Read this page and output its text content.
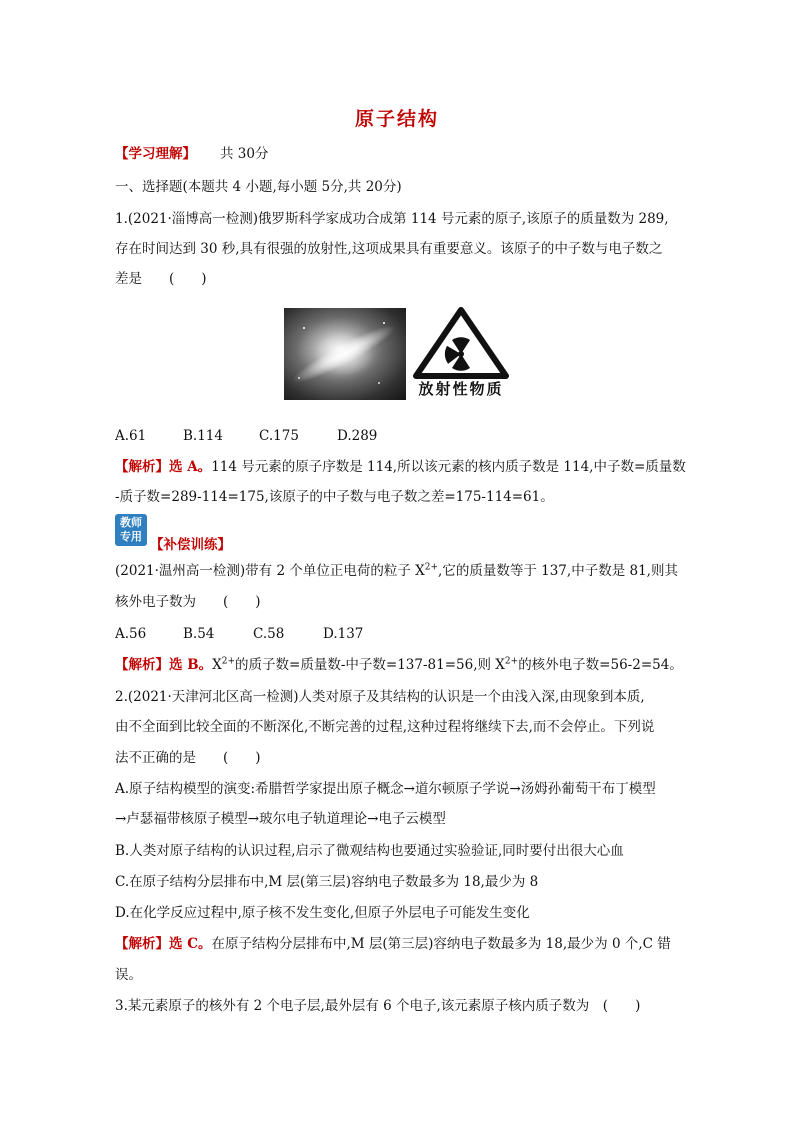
原子结构
【学习理解】 共 30分
一、选择题(本题共 4 小题,每小题 5分,共 20分)
1.(2021·淄博高一检测)俄罗斯科学家成功合成第 114 号元素的原子,该原子的质量数为 289,
存在时间达到 30 秒,具有很强的放射性,这项成果具有重要意义。该原子的中子数与电子数之
差是　　(　　)
放射性物质
A.61	B.114	C.175	D.289
【解析】选 A。114 号元素的原子序数是 114,所以该元素的核内质子数是 114,中子数=质量数
-质子数=289-114=175,该原子的中子数与电子数之差=175-114=61。
教师
专用
【补偿训练】
(2021·温州高一检测)带有 2 个单位正电荷的粒子 $X^{2+}$,它的质量数等于 137,中子数是 81,则其
核外电子数为　　(　　)
A.56	B.54	C.58	D.137
【解析】选 B。$X^{2+}$的质子数=质量数-中子数=137-81=56,则 $X^{2+}$的核外电子数=56-2=54。
2.(2021·天津河北区高一检测)人类对原子及其结构的认识是一个由浅入深,由现象到本质,
由不全面到比较全面的不断深化,不断完善的过程,这种过程将继续下去,而不会停止。下列说
法不正确的是　　(　　)
A.原子结构模型的演变:希腊哲学家提出原子概念→道尔顿原子学说→汤姆孙葡萄干布丁模型
→卢瑟福带核原子模型→玻尔电子轨道理论→电子云模型
B.人类对原子结构的认识过程,启示了微观结构也要通过实验验证,同时要付出很大心血
C.在原子结构分层排布中,M 层(第三层)容纳电子数最多为 18,最少为 8
D.在化学反应过程中,原子核不发生变化,但原子外层电子可能发生变化
【解析】选 C。在原子结构分层排布中,M 层(第三层)容纳电子数最多为 18,最少为 0 个,C 错
误。
3.某元素原子的核外有 2 个电子层,最外层有 6 个电子,该元素原子核内质子数为　(　　)
